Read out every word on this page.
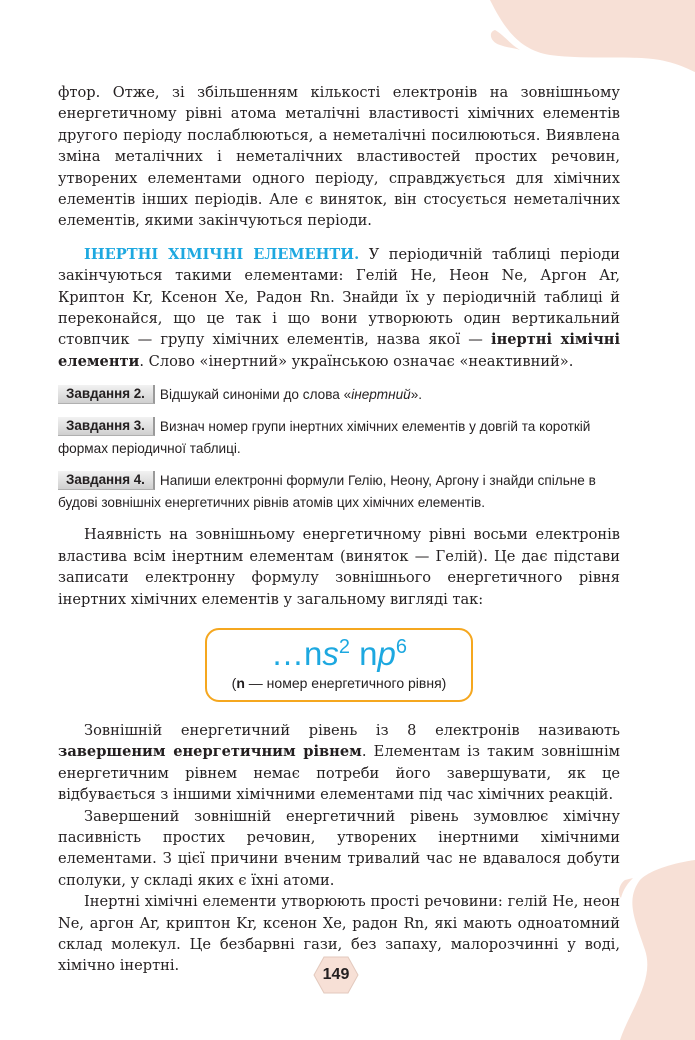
фтор. Отже, зі збільшенням кількості електронів на зовнішньому енергетичному рівні атома металічні властивості хімічних елементів другого періоду послаблюються, а неметалічні посилюються. Виявлена зміна металічних і неметалічних властивостей простих речовин, утворених елементами одного періоду, справджується для хімічних елементів інших періодів. Але є виняток, він стосується неметалічних елементів, якими закінчуються періоди.

ІНЕРТНІ ХІМІЧНІ ЕЛЕМЕНТИ. У періодичній таблиці періоди закінчуються такими елементами: Гелій He, Неон Ne, Аргон Ar, Криптон Kr, Ксенон Xe, Радон Rn. Знайди їх у періодичній таблиці й переконайся, що це так і що вони утворюють один вертикальний стовпчик — групу хімічних елементів, назва якої — інертні хімічні елементи. Слово «інертний» українською означає «неактивний».

Завдання 2. Відшукай синоніми до слова «інертний».

Завдання 3. Визнач номер групи інертних хімічних елементів у довгій та короткій формах періодичної таблиці.

Завдання 4. Напиши електронні формули Гелію, Неону, Аргону і знайди спільне в будові зовнішніх енергетичних рівнів атомів цих хімічних елементів.

Наявність на зовнішньому енергетичному рівні восьми електронів властива всім інертним елементам (виняток — Гелій). Це дає підстави записати електронну формулу зовнішнього енергетичного рівня інертних хімічних елементів у загальному вигляді так:

$\dots ns^2$ $np^6$
(n — номер енергетичного рівня)

Зовнішній енергетичний рівень із 8 електронів називають завершеним енергетичним рівнем. Елементам із таким зовнішнім енергетичним рівнем немає потреби його завершувати, як це відбувається з іншими хімічними елементами під час хімічних реакцій.

Завершений зовнішній енергетичний рівень зумовлює хімічну пасивність простих речовин, утворених інертними хімічними елементами. З цієї причини вченим тривалий час не вдавалося добути сполуки, у складі яких є їхні атоми.

Інертні хімічні елементи утворюють прості речовини: гелій He, неон Ne, аргон Ar, криптон Kr, ксенон Xe, радон Rn, які мають одноатомний склад молекул. Це безбарвні гази, без запаху, малорозчинні у воді, хімічно інертні.

149
